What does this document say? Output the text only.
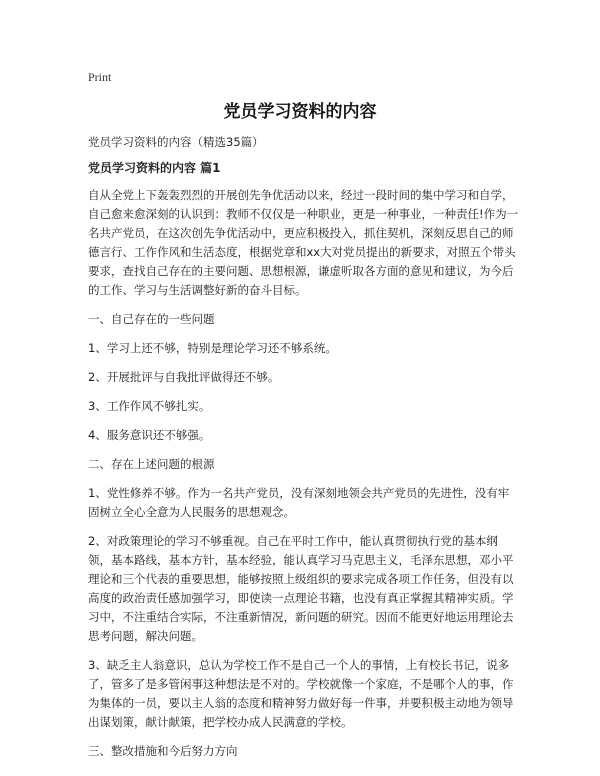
Print
党员学习资料的内容

党员学习资料的内容（精选35篇）

党员学习资料的内容 篇1

自从全党上下轰轰烈烈的开展创先争优活动以来，经过一段时间的集中学习和自学，自己愈来愈深刻的认识到：教师不仅仅是一种职业，更是一种事业，一种责任!作为一名共产党员，在这次创先争优活动中，更应积极投入，抓住契机，深刻反思自己的师德言行、工作作风和生活态度，根据党章和xx大对党员提出的新要求，对照五个带头要求，查找自己存在的主要问题、思想根源，谦虚听取各方面的意见和建议，为今后的工作、学习与生活调整好新的奋斗目标。

一、自己存在的一些问题

1、学习上还不够，特别是理论学习还不够系统。

2、开展批评与自我批评做得还不够。

3、工作作风不够扎实。

4、服务意识还不够强。

二、存在上述问题的根源

1、党性修养不够。作为一名共产党员，没有深刻地领会共产党员的先进性，没有牢固树立全心全意为人民服务的思想观念。

2、对政策理论的学习不够重视。自己在平时工作中，能认真贯彻执行党的基本纲领，基本路线，基本方针，基本经验，能认真学习马克思主义，毛泽东思想，邓小平理论和三个代表的重要思想，能够按照上级组织的要求完成各项工作任务，但没有以高度的政治责任感加强学习，即使读一点理论书籍，也没有真正掌握其精神实质。学习中，不注重结合实际，不注重新情况，新问题的研究。因而不能更好地运用理论去思考问题，解决问题。

3、缺乏主人翁意识，总认为学校工作不是自己一个人的事情，上有校长书记，说多了，管多了是多管闲事这种想法是不对的。学校就像一个家庭，不是哪个人的事，作为集体的一员，要以主人翁的态度和精神努力做好每一件事，并要积极主动地为领导出谋划策，献计献策，把学校办成人民满意的学校。

三、整改措施和今后努力方向
